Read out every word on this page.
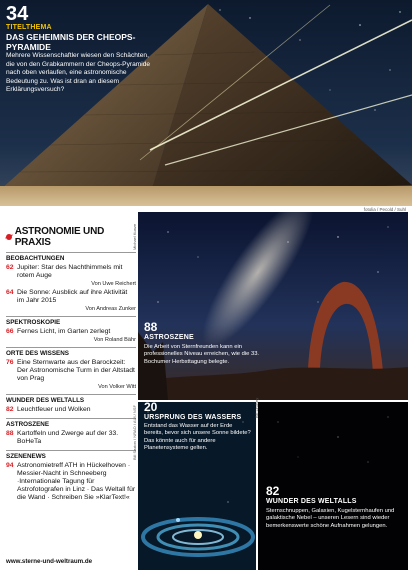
34
TITELTHEMA
DAS GEHEIMNIS DER CHEOPS-PYRAMIDE
Mehrere Wissenschaftler wiesen den Schächten, die von den Grabkammern der Cheops-Pyramide nach oben verlaufen, eine astronomische Bedeutung zu. Was ist dran an diesem Erklärungsversuch?
fotolia / Pecold / Suhl
ASTRONOMIE UND PRAXIS
BEOBACHTUNGEN
62 Jupiter: Star des Nachthimmels mit rotem Auge
Von Uwe Reichert
64 Die Sonne: Ausblick auf ihre Aktivität im Jahr 2015
Von Andreas Zunker
SPEKTROSKOPIE
66 Fernes Licht, im Garten zerlegt
Von Roland Bähr
ORTE DES WISSENS
76 Eine Sternwarte aus der Barockzeit: Der Astronomische Turm in der Altstadt von Prag
Von Volker Witt
WUNDER DES WELTALLS
82 Leuchtfeuer und Wolken
ASTROSZENE
88 Kartoffeln und Zwerge auf der 33. BoHeTa
SZENENEWS
94 Astronomietreff ATH in Hückelhoven · Messier-Nacht in Schneeberg ·Internationale Tagung für Astrofotografen in Linz · Das Weltall für die Wand · Schreiben Sie »KlarText!«
www.sterne-und-weltraum.de
88
ASTROSZENE
Die Arbeit von Sternfreunden kann ein professionelles Niveau erreichen, wie die 33. Bochumer Herbsttagung belegte.
Michael Kunze
20
URSPRUNG DES WASSERS
Entstand das Wasser auf der Erde bereits, bevor sich unsere Sonne bildete? Das könnte auch für andere Planetensysteme gelten.
Bill Saxton / NRAO / AUI / NSF
82
WUNDER DES WELTALLS
Sternschnuppen, Galaxien, Kugelsternhaufen und galaktische Nebel – unseren Lesern sind wieder bemerkenswerte schöne Aufnahmen gelungen.
Bill Lindsey
